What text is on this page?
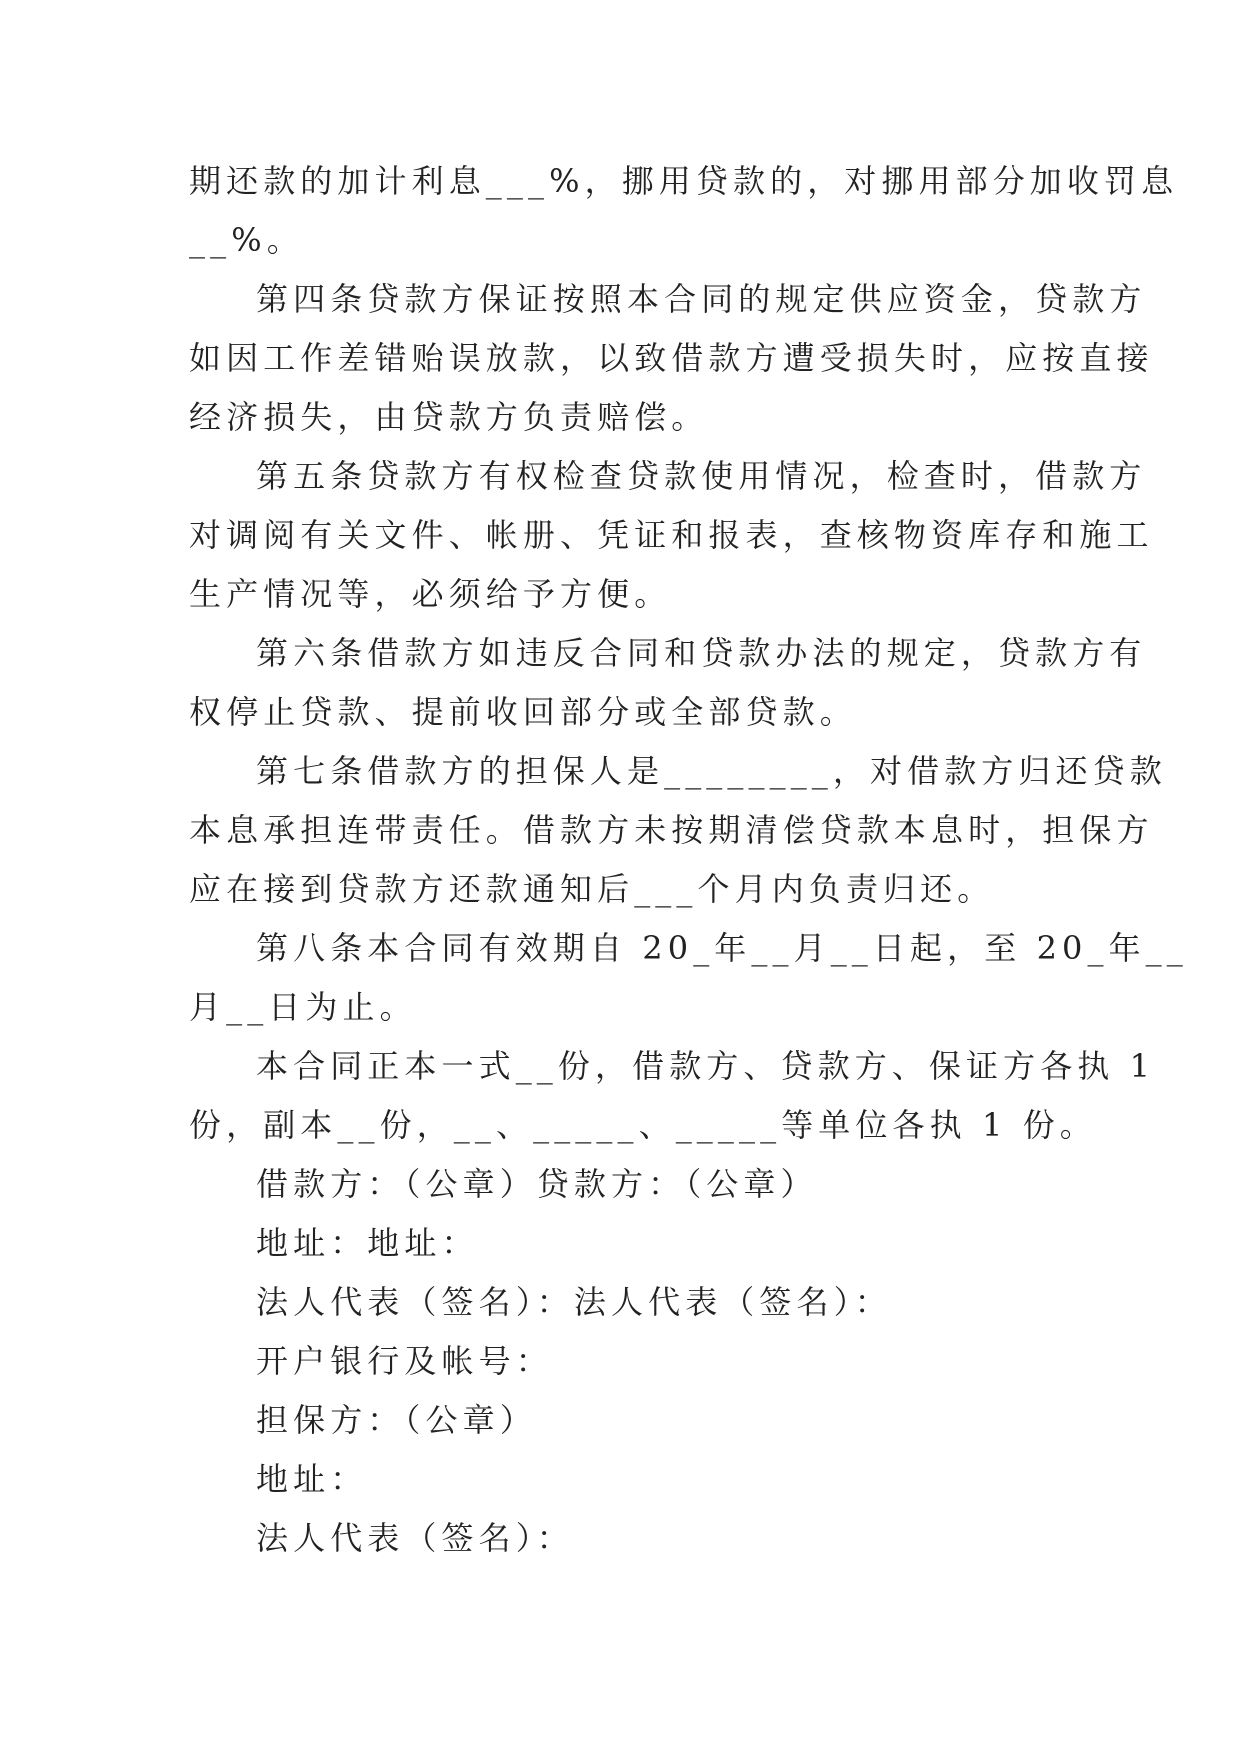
期还款的加计利息___%，挪用贷款的，对挪用部分加收罚息
__%。
第四条贷款方保证按照本合同的规定供应资金，贷款方
如因工作差错贻误放款，以致借款方遭受损失时，应按直接
经济损失，由贷款方负责赔偿。
第五条贷款方有权检查贷款使用情况，检查时，借款方
对调阅有关文件、帐册、凭证和报表，查核物资库存和施工
生产情况等，必须给予方便。
第六条借款方如违反合同和贷款办法的规定，贷款方有
权停止贷款、提前收回部分或全部贷款。
第七条借款方的担保人是________，对借款方归还贷款
本息承担连带责任。借款方未按期清偿贷款本息时，担保方
应在接到贷款方还款通知后___个月内负责归还。
第八条本合同有效期自 20_年__月__日起，至 20_年__
月__日为止。
本合同正本一式__份，借款方、贷款方、保证方各执 1
份，副本__份，__、_____、_____等单位各执 1 份。
借款方：（公章）贷款方：（公章）
地址：地址：
法人代表（签名）：法人代表（签名）：
开户银行及帐号：
担保方：（公章）
地址：
法人代表（签名）：
